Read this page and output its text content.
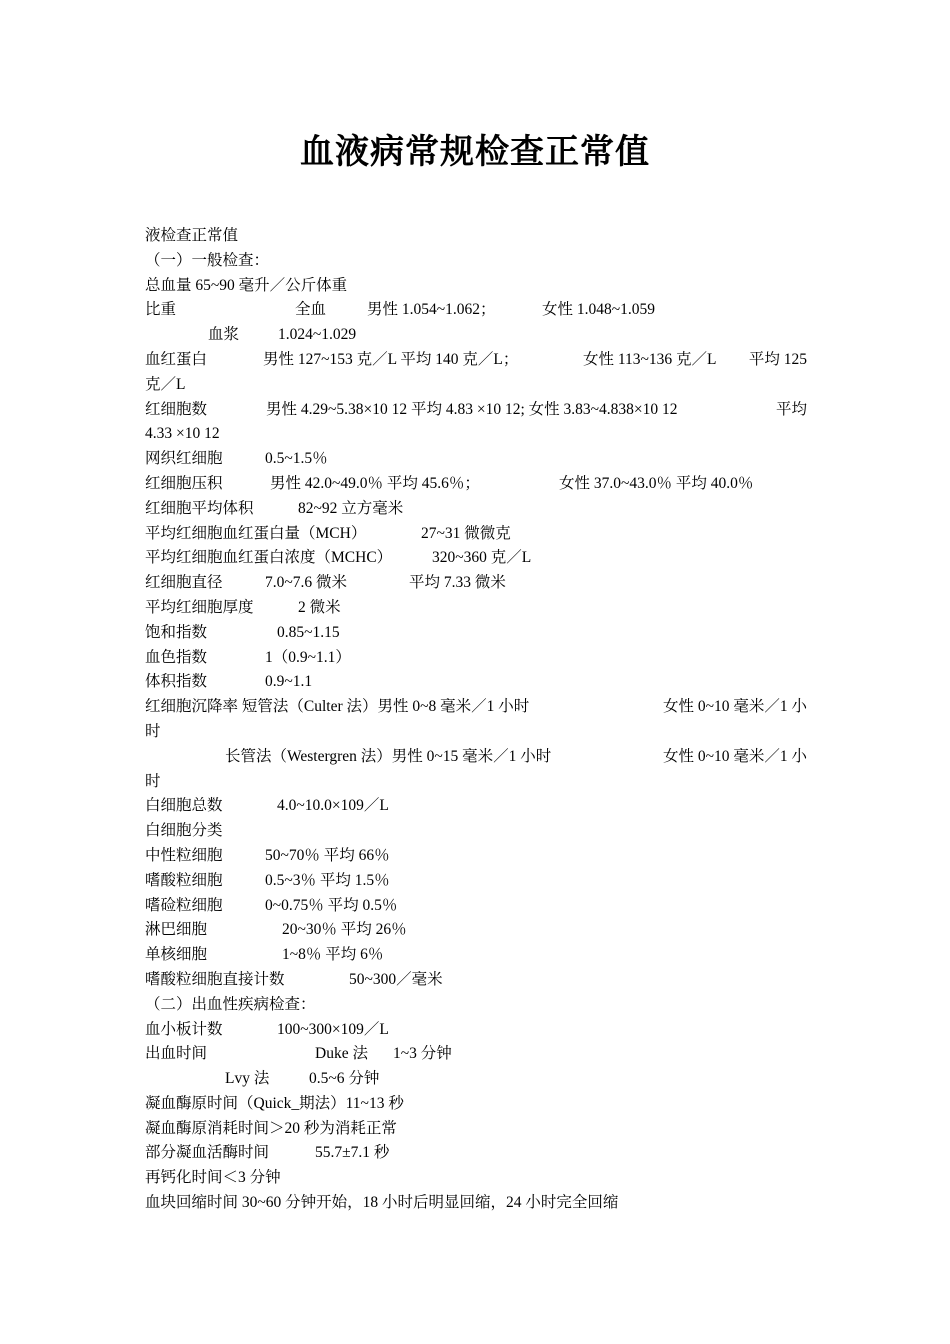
血液病常规检查正常值
液检查正常值
（一）一般检查：
总血量 65~90 毫升／公斤体重
比重	全血	男性 1.054~1.062；	女性 1.048~1.059
血浆	1.024~1.029
血红蛋白	男性 127~153 克／L 平均 140 克／L；	女性 113~136 克／L	平均 125
克／L
红细胞数	男性 4.29~5.38×10 12 平均 4.83 ×10 12; 女性 3.83~4.838×10 12	平均
4.33 ×10 12
网织红细胞	0.5~1.5％
红细胞压积	男性 42.0~49.0％ 平均 45.6％；	女性 37.0~43.0％ 平均 40.0％
红细胞平均体积	82~92 立方毫米
平均红细胞血红蛋白量（MCH）	27~31 微微克
平均红细胞血红蛋白浓度（MCHC）	320~360 克／L
红细胞直径	7.0~7.6 微米	平均 7.33 微米
平均红细胞厚度	2 微米
饱和指数	0.85~1.15
血色指数	1（0.9~1.1）
体积指数	0.9~1.1
红细胞沉降率 短管法（Culter 法）男性 0~8 毫米／1 小时	女性 0~10 毫米／1 小
时
长管法（Westergren 法）男性 0~15 毫米／1 小时	女性 0~10 毫米／1 小
时
白细胞总数	4.0~10.0×109／L
白细胞分类
中性粒细胞	50~70％ 平均 66％
嗜酸粒细胞	0.5~3％ 平均 1.5％
嗜硷粒细胞	0~0.75％ 平均 0.5％
淋巴细胞	20~30％ 平均 26％
单核细胞	1~8％ 平均 6％
嗜酸粒细胞直接计数	50~300／毫米
（二）出血性疾病检查：
血小板计数	100~300×109／L
出血时间	Duke 法	1~3 分钟
Lvy 法	0.5~6 分钟
凝血酶原时间（Quick_期法）11~13 秒
凝血酶原消耗时间＞20 秒为消耗正常
部分凝血活酶时间	55.7±7.1 秒
再钙化时间＜3 分钟
血块回缩时间 30~60 分钟开始，18 小时后明显回缩，24 小时完全回缩
